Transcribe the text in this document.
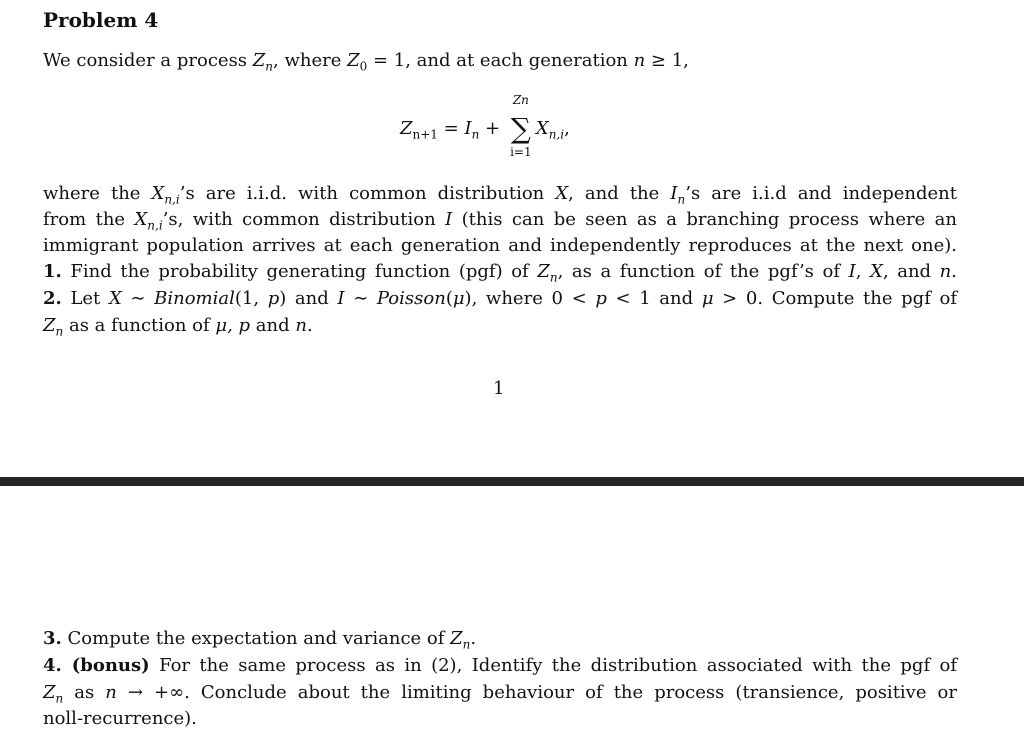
Problem 4
We consider a process $Z_n$, where $Z_0 = 1$, and at each generation n ≥ 1,
$Z_{n+1} = I_n$ +
Zn
∑
i=1
$X_{n,i}$,
where the $X_{n,i}’s$ are i.i.d. with common distribution X, and the $I_n’s$ are i.i.d and independent
from the $X_{n,i}’s$, with common distribution I (this can be seen as a branching process where an
immigrant population arrives at each generation and independently reproduces at the next one).
1. Find the probability generating function (pgf) of $Z_n$, as a function of the pgf’s of I, X, and n.
2. Let X ∼ Binomial(1, p) and I ∼ Poisson(μ), where 0 < p < 1 and μ > 0. Compute the pgf of
$Z_n$ as a function of μ, p and n.
1
3. Compute the expectation and variance of $Z_n$.
4. (bonus) For the same process as in (2), Identify the distribution associated with the pgf of
$Z_n$ as n → +∞. Conclude about the limiting behaviour of the process (transience, positive or
noll-recurrence).
